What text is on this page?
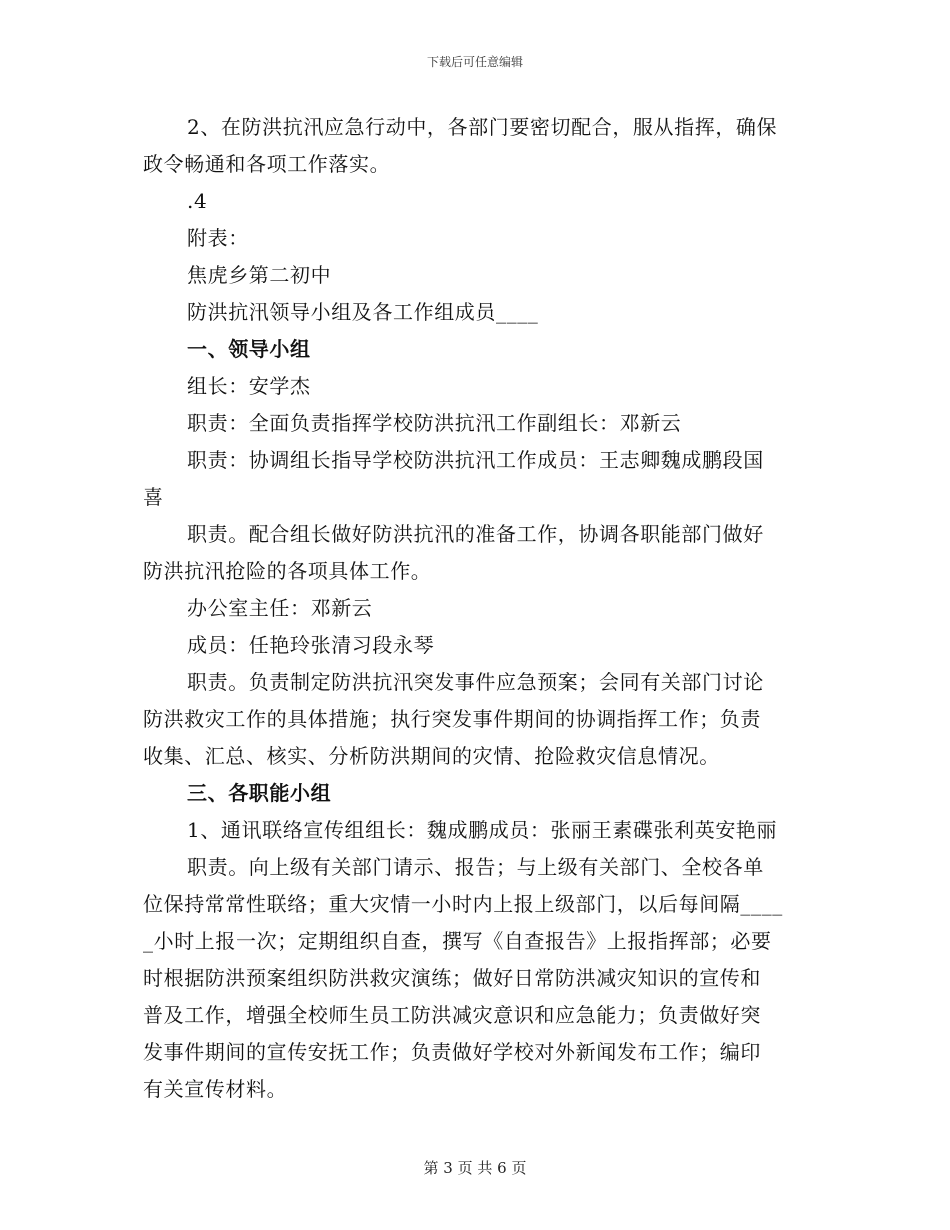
下载后可任意编辑

2、在防洪抗汛应急行动中，各部门要密切配合，服从指挥，确保

政令畅通和各项工作落实。

.4

附表：

焦虎乡第二初中

防洪抗汛领导小组及各工作组成员____

一、领导小组

组长：安学杰

职责：全面负责指挥学校防洪抗汛工作副组长：邓新云

职责：协调组长指导学校防洪抗汛工作成员：王志卿魏成鹏段国

喜

职责。配合组长做好防洪抗汛的准备工作，协调各职能部门做好

防洪抗汛抢险的各项具体工作。

办公室主任：邓新云

成员：任艳玲张清习段永琴

职责。负责制定防洪抗汛突发事件应急预案；会同有关部门讨论

防洪救灾工作的具体措施；执行突发事件期间的协调指挥工作；负责

收集、汇总、核实、分析防洪期间的灾情、抢险救灾信息情况。

三、各职能小组

1、通讯联络宣传组组长：魏成鹏成员：张丽王素碟张利英安艳丽

职责。向上级有关部门请示、报告；与上级有关部门、全校各单

位保持常常性联络；重大灾情一小时内上报上级部门，以后每间隔____

_小时上报一次；定期组织自查，撰写《自查报告》上报指挥部；必要

时根据防洪预案组织防洪救灾演练；做好日常防洪减灾知识的宣传和

普及工作，增强全校师生员工防洪减灾意识和应急能力；负责做好突

发事件期间的宣传安抚工作；负责做好学校对外新闻发布工作；编印

有关宣传材料。

第 3 页 共 6 页
